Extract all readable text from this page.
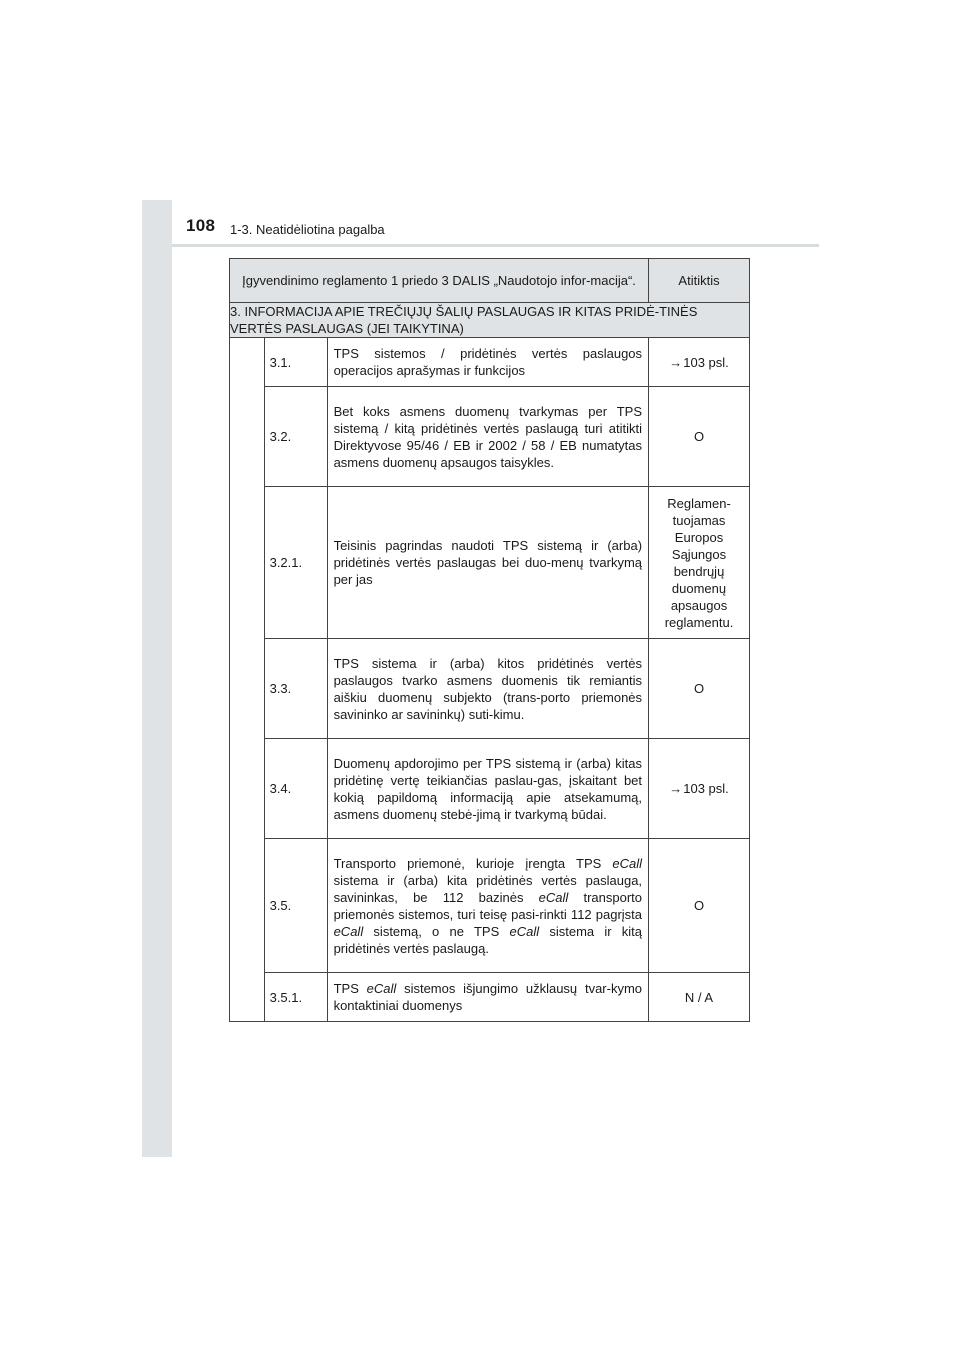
108 1-3. Neatidėliotina pagalba
Įgyvendinimo reglamento 1 priedo 3 DALIS „Naudotojo infor-macija“.			Atitiktis
3. INFORMACIJA APIE TREČIŲJŲ ŠALIŲ PASLAUGAS IR KITAS PRIDĖ-TINĖS VERTĖS PASLAUGAS (JEI TAIKYTINA)			
	3.1.	TPS sistemos / pridėtinės vertės paslaugos operacijos aprašymas ir funkcijos	→103 psl.
	3.2.	Bet koks asmens duomenų tvarkymas per TPS sistemą / kitą pridėtinės vertės paslaugą turi atitikti Direktyvose 95/46 / EB ir 2002 / 58 / EB numatytas asmens duomenų apsaugos taisykles.	O
	3.2.1.	Teisinis pagrindas naudoti TPS sistemą ir (arba) pridėtinės vertės paslaugas bei duo-menų tvarkymą per jas	Reglamen-tuojamas Europos Sąjungos bendrųjų duomenų apsaugos reglamentu.
	3.3.	TPS sistema ir (arba) kitos pridėtinės vertės paslaugos tvarko asmens duomenis tik remiantis aiškiu duomenų subjekto (trans-porto priemonės savininko ar savininkų) suti-kimu.	O
	3.4.	Duomenų apdorojimo per TPS sistemą ir (arba) kitas pridėtinę vertę teikiančias paslau-gas, įskaitant bet kokią papildomą informaciją apie atsekamumą, asmens duomenų stebė-jimą ir tvarkymą būdai.	→103 psl.
	3.5.	Transporto priemonė, kurioje įrengta TPS eCall sistema ir (arba) kita pridėtinės vertės paslauga, savininkas, be 112 bazinės eCall transporto priemonės sistemos, turi teisę pasi-rinkti 112 pagrįsta eCall sistemą, o ne TPS eCall sistema ir kitą pridėtinės vertės paslaugą.	O
	3.5.1.	TPS eCall sistemos išjungimo užklausų tvar-kymo kontaktiniai duomenys	N / A
